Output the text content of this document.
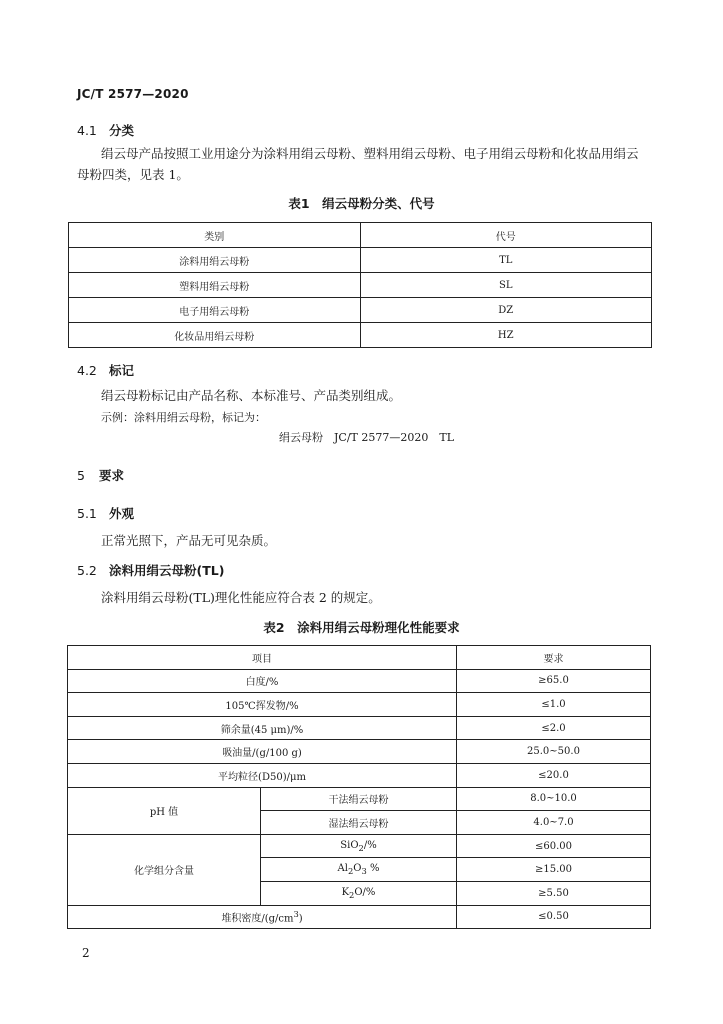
JC/T 2577—2020
4.1 分类
绢云母产品按照工业用途分为涂料用绢云母粉、塑料用绢云母粉、电子用绢云母粉和化妆品用绢云
母粉四类，见表 1。
表1　绢云母粉分类、代号
类别	代号
涂料用绢云母粉	TL
塑料用绢云母粉	SL
电子用绢云母粉	DZ
化妆品用绢云母粉	HZ
4.2 标记
绢云母粉标记由产品名称、本标准号、产品类别组成。
示例：涂料用绢云母粉，标记为：
绢云母粉　JC/T 2577—2020　TL
5 要求
5.1 外观
正常光照下，产品无可见杂质。
5.2 涂料用绢云母粉(TL)
涂料用绢云母粉(TL)理化性能应符合表 2 的规定。
表2　涂料用绢云母粉理化性能要求
项目		要求
白度/%		≥65.0
105℃挥发物/%		≤1.0
筛余量(45 μm)/%		≤2.0
吸油量/(g/100 g)		25.0~50.0
平均粒径(D50)/μm		≤20.0
pH 值	干法绢云母粉	8.0~10.0
	湿法绢云母粉	4.0~7.0
化学组分含量	SiO$_2$/%	≤60.00
	$Al_2O_3$ %	≥15.00
	$K_2O/\%$	≥5.50
堆积密度$/(g/cm^3)$		≤0.50
2
